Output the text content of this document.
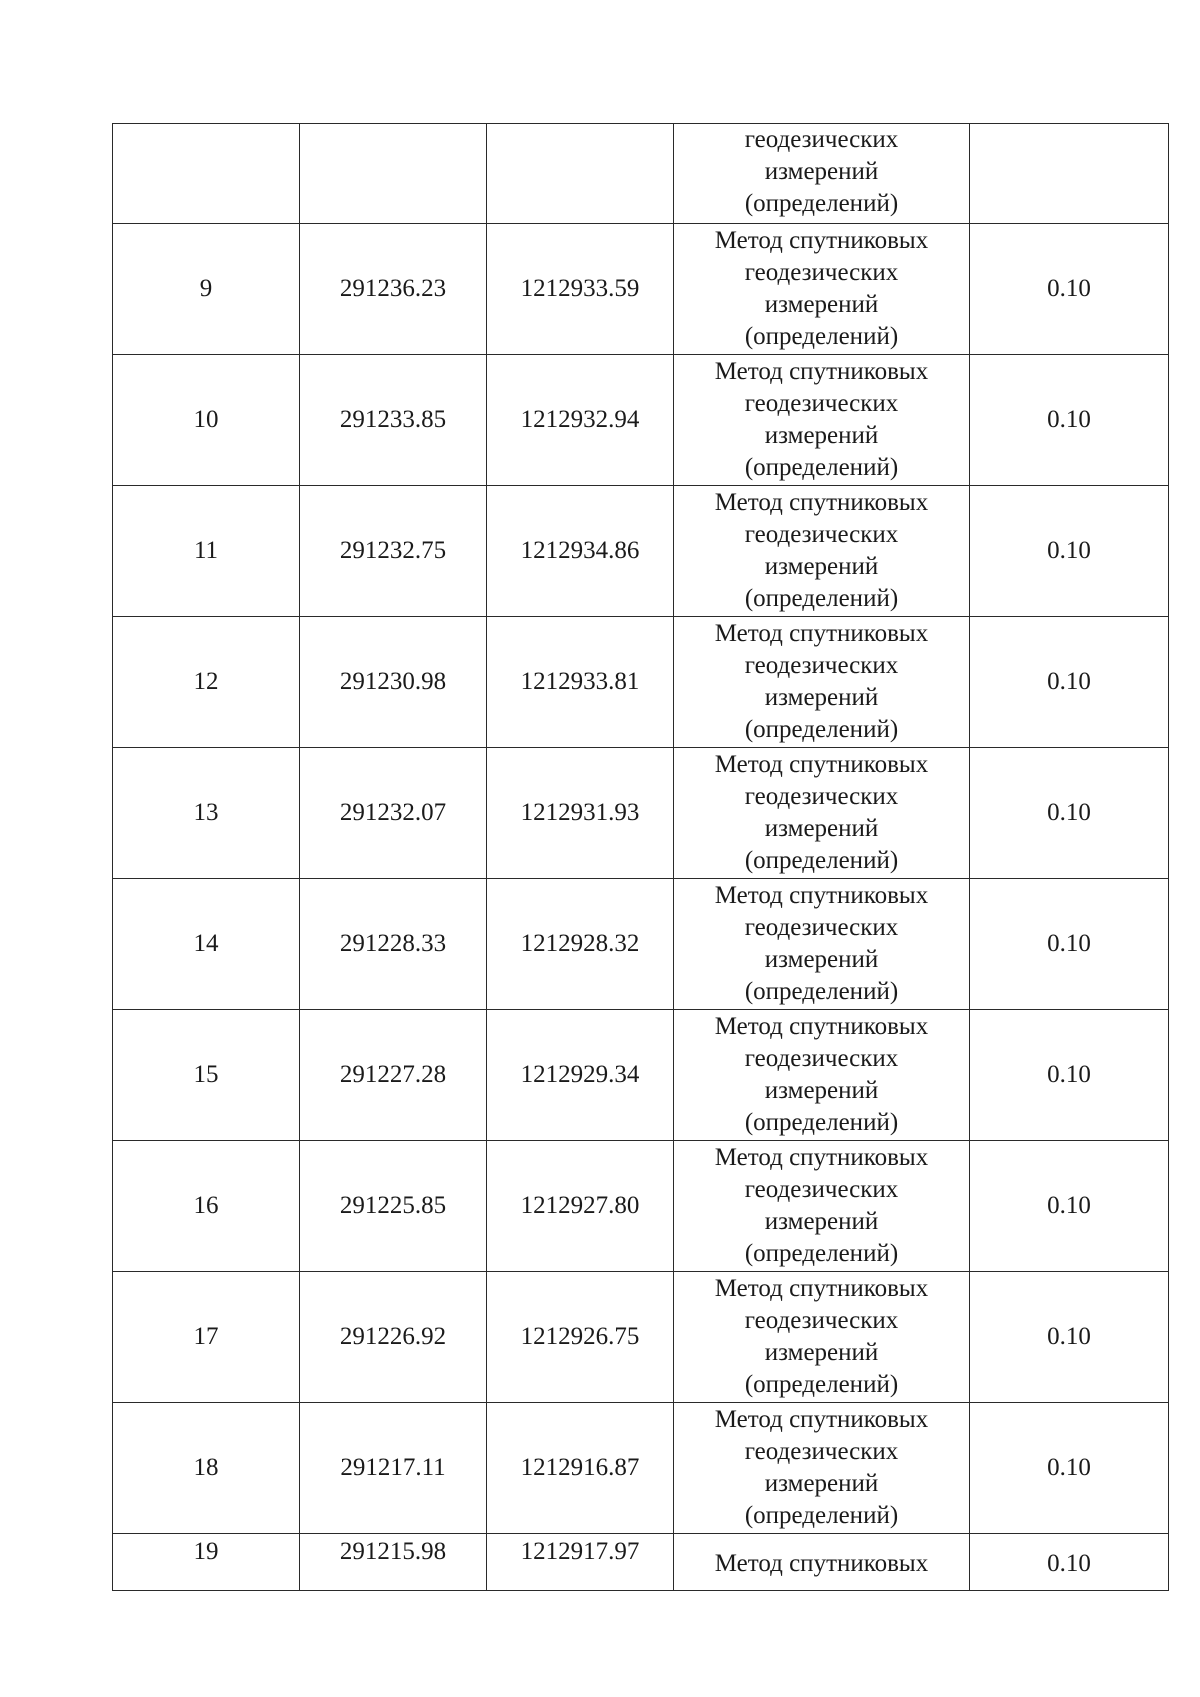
			геодезических
измерений
(определений)	

9	291236.23	1212933.59	Метод спутниковых
геодезических
измерений
(определений)	0.10
10	291233.85	1212932.94	Метод спутниковых
геодезических
измерений
(определений)	0.10
11	291232.75	1212934.86	Метод спутниковых
геодезических
измерений
(определений)	0.10
12	291230.98	1212933.81	Метод спутниковых
геодезических
измерений
(определений)	0.10
13	291232.07	1212931.93	Метод спутниковых
геодезических
измерений
(определений)	0.10
14	291228.33	1212928.32	Метод спутниковых
геодезических
измерений
(определений)	0.10
15	291227.28	1212929.34	Метод спутниковых
геодезических
измерений
(определений)	0.10
16	291225.85	1212927.80	Метод спутниковых
геодезических
измерений
(определений)	0.10
17	291226.92	1212926.75	Метод спутниковых
геодезических
измерений
(определений)	0.10
18	291217.11	1212916.87	Метод спутниковых
геодезических
измерений
(определений)	0.10
19	291215.98	1212917.97	Метод спутниковых	0.10
